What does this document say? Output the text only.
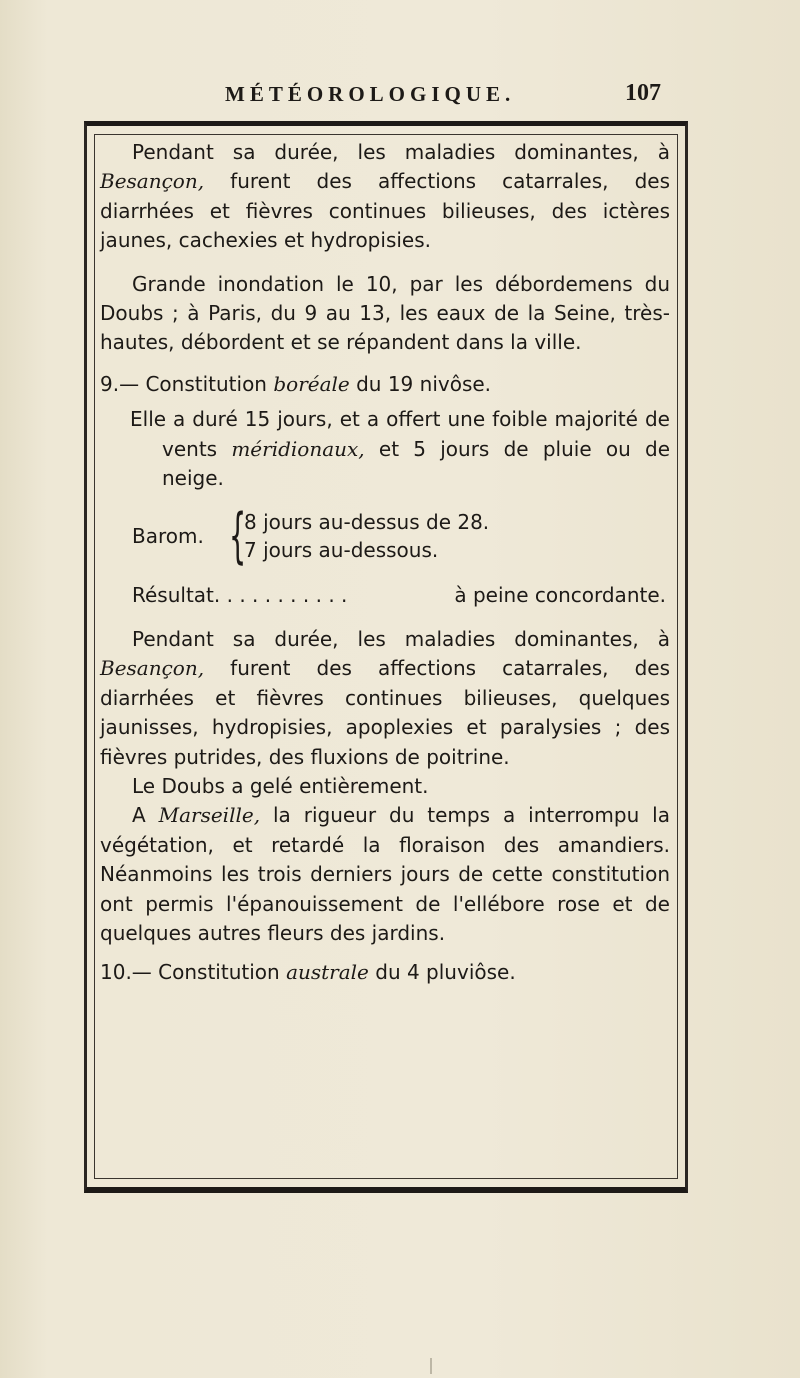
MÉTÉOROLOGIQUE.	107

Pendant sa durée, les maladies dominantes, à Besançon, furent des affections catarrales, des diarrhées et fièvres continues bilieuses, des ictères jaunes, cachexies et hydropisies.

Grande inondation le 10, par les débordemens du Doubs ; à Paris, du 9 au 13, les eaux de la Seine, très-hautes, débordent et se répandent dans la ville.

9.— Constitution boréale du 19 nivôse.

Elle a duré 15 jours, et a offert une foible majorité de vents méridionaux, et 5 jours de pluie ou de neige.

Barom. {
8 jours au-dessus de 28.
7 jours au-dessous.
Résultat. . . . . . . . . . .	à peine concordante.

Pendant sa durée, les maladies dominantes, à Besançon, furent des affections catarrales, des diarrhées et fièvres continues bilieuses, quelques jaunisses, hydropisies, apoplexies et paralysies ; des fièvres putrides, des fluxions de poitrine.

Le Doubs a gelé entièrement.

A Marseille, la rigueur du temps a interrompu la végétation, et retardé la floraison des amandiers. Néanmoins les trois derniers jours de cette constitution ont permis l'épanouissement de l'ellébore rose et de quelques autres fleurs des jardins.

10.— Constitution australe du 4 pluviôse.
